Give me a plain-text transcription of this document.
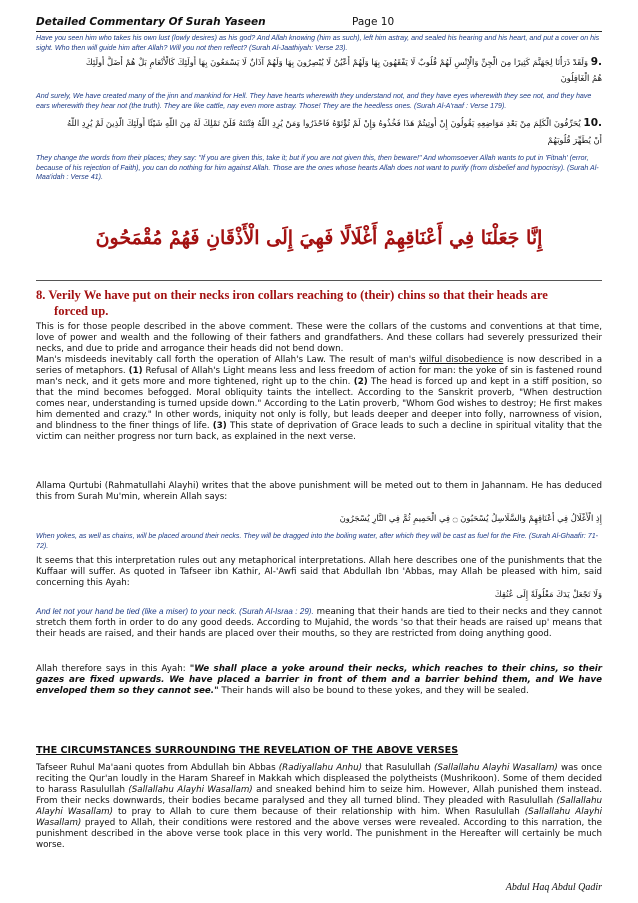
Detailed Commentary Of Surah Yaseen	Page 10
Have you seen him who takes his own lust (lowly desires) as his god? And Allah knowing (him as such), left him astray, and sealed his hearing and his heart, and put a cover on his sight. Who then will guide him after Allah? Will you not then reflect? (Surah Al-Jaathiyah: Verse 23).
9. وَلَقَدْ ذَرَأْنَا لِجَهَنَّمَ كَثِيرًا مِنَ الْجِنِّ وَالْإِنْسِ لَهُمْ قُلُوبٌ لَا يَفْقَهُونَ بِهَا وَلَهُمْ أَعْيُنٌ لَا يُبْصِرُونَ بِهَا وَلَهُمْ آذَانٌ لَا يَسْمَعُونَ بِهَا أُولَئِكَ كَالْأَنْعَامِ بَلْ هُمْ أَضَلُّ أُولَئِكَ
هُمُ الْغَافِلُونَ
And surely, We have created many of the jinn and mankind for Hell. They have hearts wherewith they understand not, and they have eyes wherewith they see not, and they have ears wherewith they hear not (the truth). They are like cattle, nay even more astray. Those! They are the heedless ones. (Surah Al-A'raaf : Verse 179).
10. يُحَرِّفُونَ الْكَلِمَ مِنْ بَعْدِ مَوَاضِعِهِ يَقُولُونَ إِنْ أُوتِيتُمْ هَذَا فَخُذُوهُ وَإِنْ لَمْ تُؤْتَوْهُ فَاحْذَرُوا وَمَنْ يُرِدِ اللَّهُ فِتْنَتَهُ فَلَنْ تَمْلِكَ لَهُ مِنَ اللَّهِ شَيْئًا أُولَئِكَ الَّذِينَ لَمْ يُرِدِ اللَّهُ
أَنْ يُطَهِّرَ قُلُوبَهُمْ
They change the words from their places; they say: "If you are given this, take it; but if you are not given this, then beware!" And whomsoever Allah wants to put in 'Fitnah' (error, because of his rejection of Faith), you can do nothing for him against Allah. Those are the ones whose hearts Allah does not want to purify (from disbelief and hypocrisy). (Surah Al-Maa'idah : Verse 41).
إِنَّا جَعَلْنَا فِي أَعْنَاقِهِمْ أَغْلَالًا فَهِيَ إِلَى الْأَذْقَانِ فَهُمْ مُقْمَحُونَ
8. Verily We have put on their necks iron collars reaching to (their) chins so that their heads are
forced up.

This is for those people described in the above comment. These were the collars of the customs and conventions at that time, love of power and wealth and the following of their fathers and grandfathers. And these collars had severely pressurized their necks, and due to pride and arrogance their heads did not bend down.
Man's misdeeds inevitably call forth the operation of Allah's Law. The result of man's wilful disobedience is now described in a series of metaphors. (1) Refusal of Allah's Light means less and less freedom of action for man: the yoke of sin is fastened round man's neck, and it gets more and more tightened, right up to the chin. (2) The head is forced up and kept in a stiff position, so that the mind becomes befogged. Moral obliquity taints the intellect. According to the Sanskrit proverb, "When destruction comes near, understanding is turned upside down." According to the Latin proverb, "Whom God wishes to destroy; He first makes him demented and crazy." In other words, iniquity not only is folly, but leads deeper and deeper into folly, narrowness of vision, and blindness to the finer things of life. (3) This state of deprivation of Grace leads to such a decline in spiritual vitality that the victim can neither progress nor turn back, as explained in the next verse.

Allama Qurtubi (Rahmatullahi Alayhi) writes that the above punishment will be meted out to them in Jahannam. He has deduced this from Surah Mu'min, wherein Allah says:
إِذِ الْأَغْلَالُ فِي أَعْنَاقِهِمْ وَالسَّلَاسِلُ يُسْحَبُونَ ۝ فِي الْحَمِيمِ ثُمَّ فِي النَّارِ يُسْجَرُونَ
When yokes, as well as chains, will be placed around their necks. They will be dragged into the boiling water, after which they will be cast as fuel for the Fire. (Surah Al-Ghaafir: 71-72).
It seems that this interpretation rules out any metaphorical interpretations. Allah here describes one of the punishments that the Kuffaar will suffer. As quoted in Tafseer ibn Kathir, Al-'Awfi said that Abdullah Ibn 'Abbas, may Allah be pleased with him, said concerning this Ayah:
وَلَا تَجْعَلْ يَدَكَ مَغْلُولَةً إِلَى عُنُقِكَ

And let not your hand be tied (like a miser) to your neck. (Surah Al-Israa : 29). meaning that their hands are tied to their necks and they cannot stretch them forth in order to do any good deeds. According to Mujahid, the words 'so that their heads are raised up' means that their heads are raised, and their hands are placed over their mouths, so they are restricted from doing anything good.

Allah therefore says in this Ayah: "We shall place a yoke around their necks, which reaches to their chins, so their gazes are fixed upwards. We have placed a barrier in front of them and a barrier behind them, and We have enveloped them so they cannot see." Their hands will also be bound to these yokes, and they will be sealed.

THE CIRCUMSTANCES SURROUNDING THE REVELATION OF THE ABOVE VERSES

Tafseer Ruhul Ma'aani quotes from Abdullah bin Abbas (Radiyallahu Anhu) that Rasulullah (Sallallahu Alayhi Wasallam) was once reciting the Qur'an loudly in the Haram Shareef in Makkah which displeased the polytheists (Mushrikoon). Some of them decided to harass Rasulullah (Sallallahu Alayhi Wasallam) and sneaked behind him to seize him. However, Allah punished them instead. From their necks downwards, their bodies became paralysed and they all turned blind. They pleaded with Rasulullah (Sallallahu Alayhi Wasallam) to pray to Allah to cure them because of their relationship with him. When Rasulullah (Sallallahu Alayhi Wasallam) prayed to Allah, their conditions were restored and the above verses were revealed. According to this narration, the punishment described in the above verse took place in this very world. The punishment in the Hereafter will certainly be much worse.

Abdul Haq Abdul Qadir
